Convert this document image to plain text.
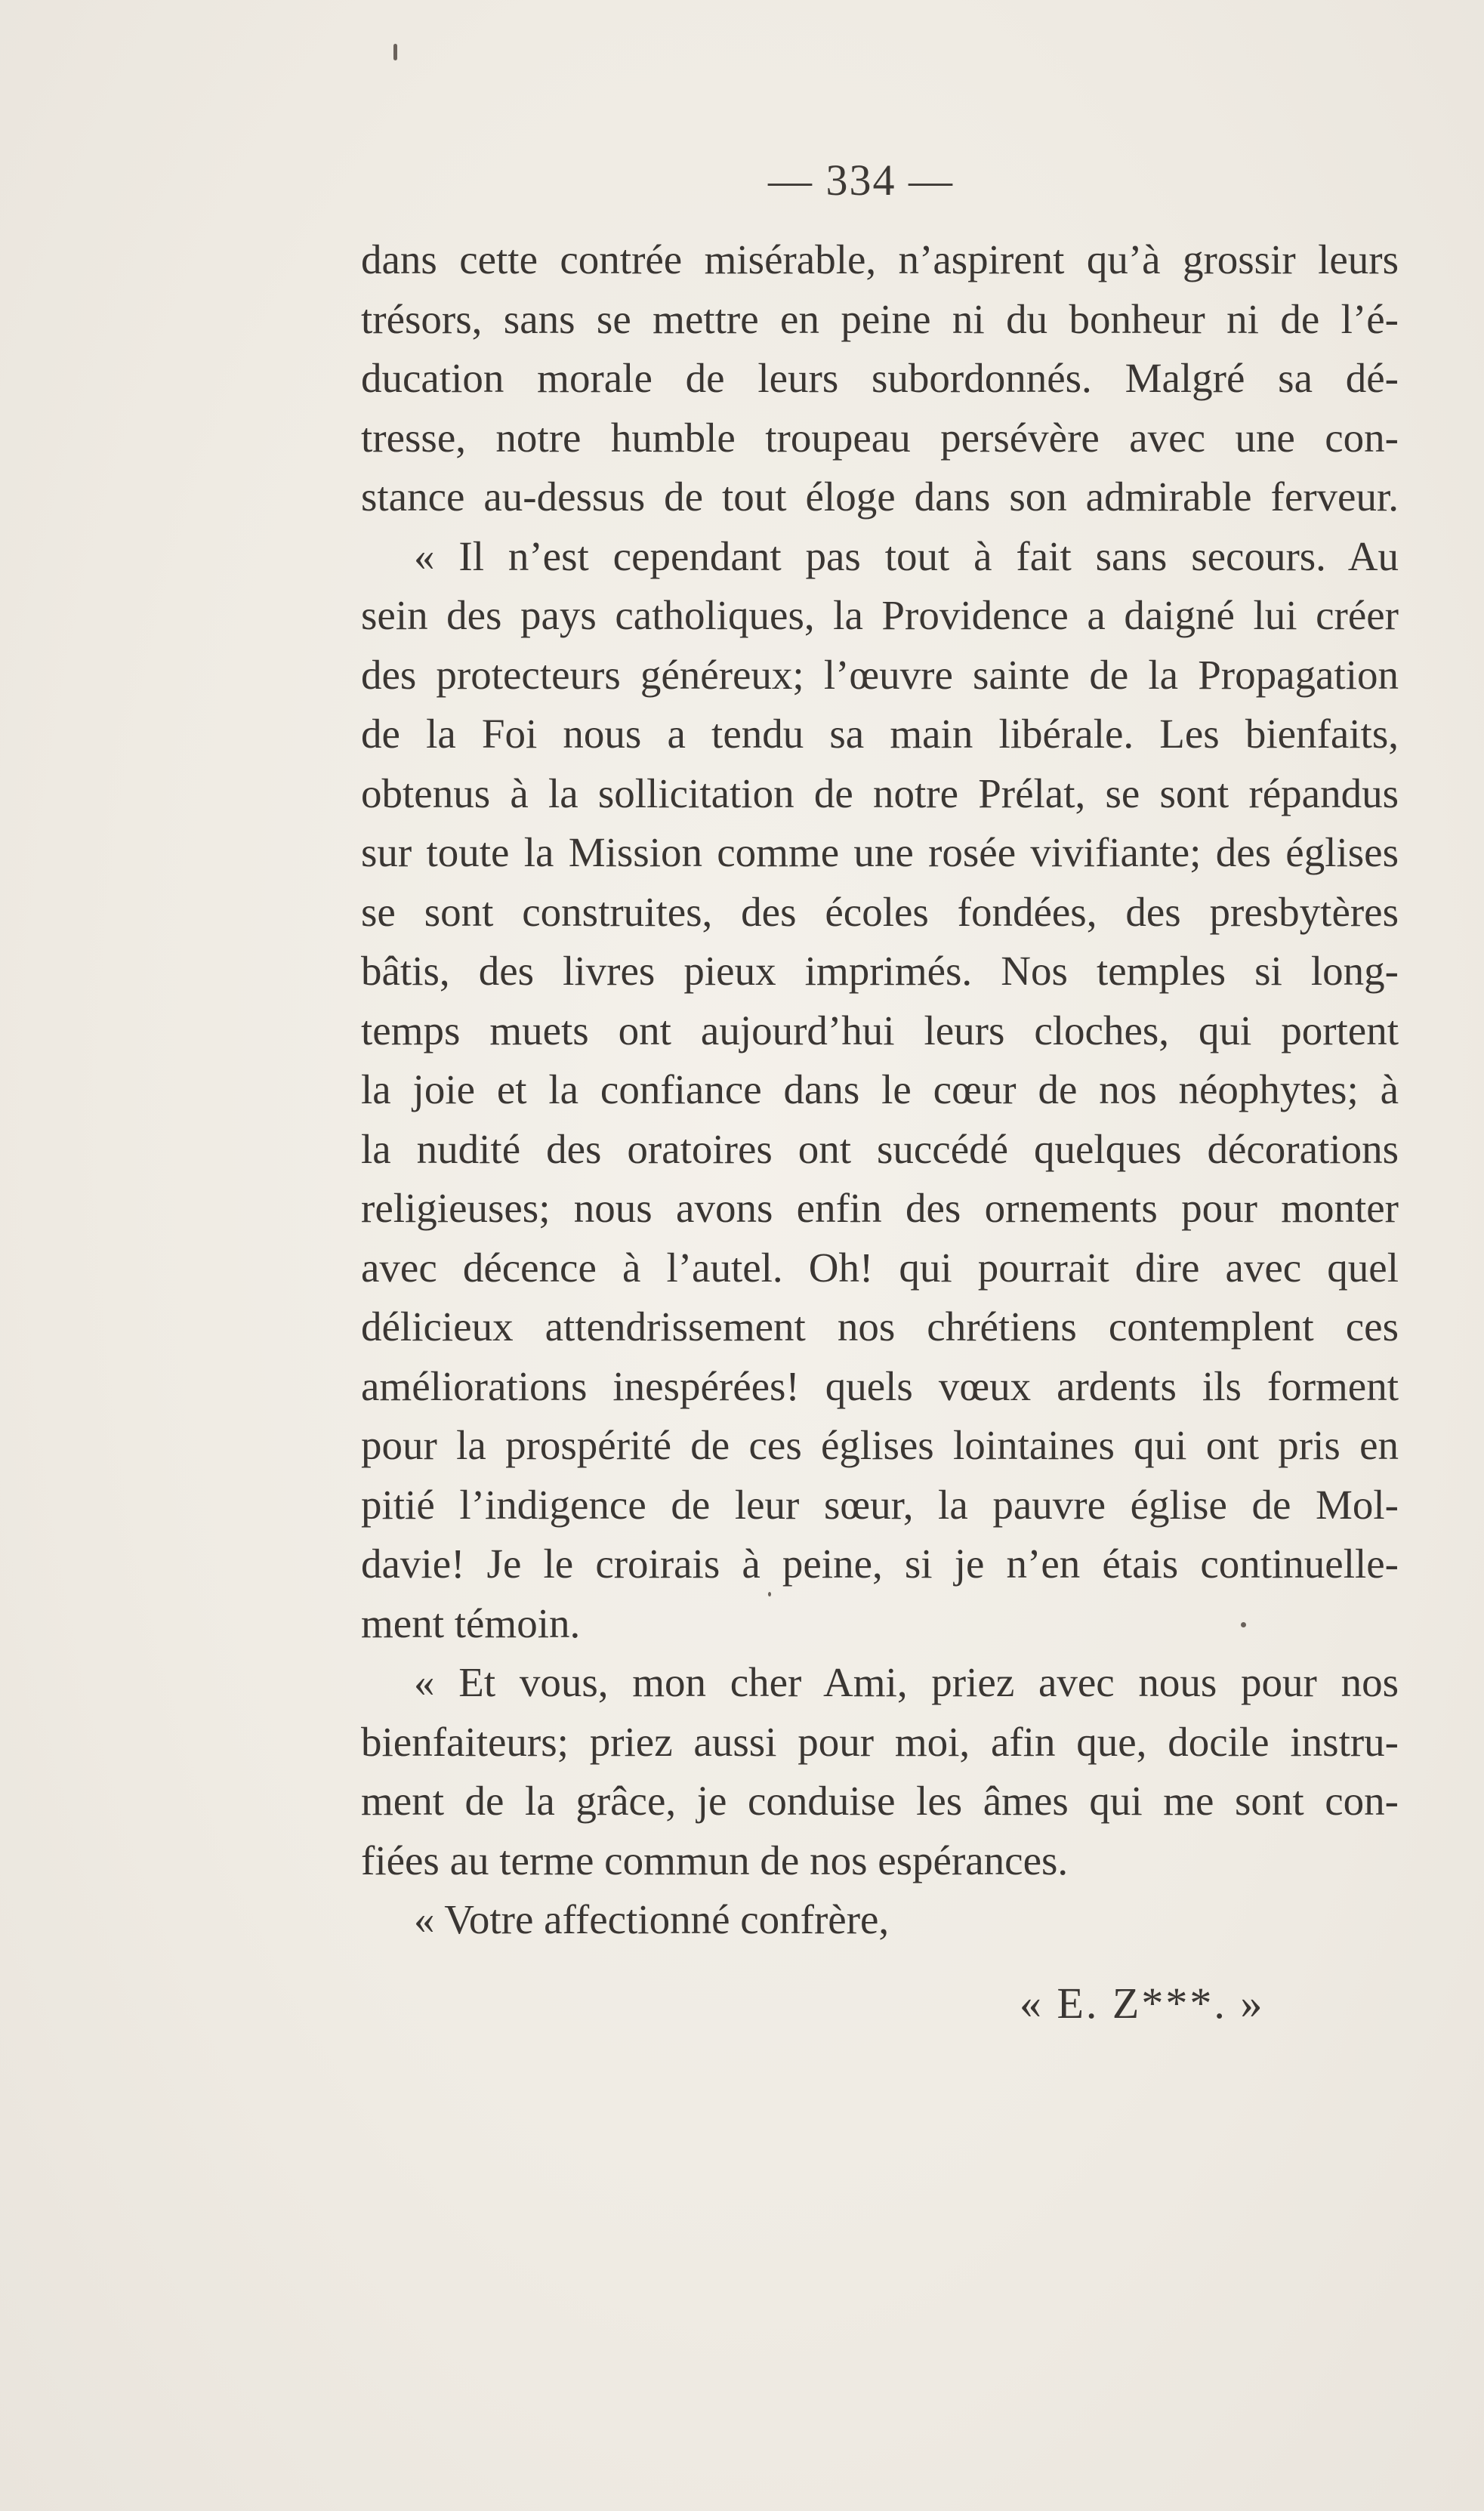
— 334 —
dans cette contrée misérable, n’aspirent qu’à grossir leurs
trésors, sans se mettre en peine ni du bonheur ni de l’é-
ducation morale de leurs subordonnés. Malgré sa dé-
tresse, notre humble troupeau persévère avec une con-
stance au-dessus de tout éloge dans son admirable ferveur.
« Il n’est cependant pas tout à fait sans secours. Au
sein des pays catholiques, la Providence a daigné lui créer
des protecteurs généreux; l’œuvre sainte de la Propagation
de la Foi nous a tendu sa main libérale. Les bienfaits,
obtenus à la sollicitation de notre Prélat, se sont répandus
sur toute la Mission comme une rosée vivifiante; des églises
se sont construites, des écoles fondées, des presbytères
bâtis, des livres pieux imprimés. Nos temples si long-
temps muets ont aujourd’hui leurs cloches, qui portent
la joie et la confiance dans le cœur de nos néophytes; à
la nudité des oratoires ont succédé quelques décorations
religieuses; nous avons enfin des ornements pour monter
avec décence à l’autel. Oh! qui pourrait dire avec quel
délicieux attendrissement nos chrétiens contemplent ces
améliorations inespérées! quels vœux ardents ils forment
pour la prospérité de ces églises lointaines qui ont pris en
pitié l’indigence de leur sœur, la pauvre église de Mol-
davie! Je le croirais à peine, si je n’en étais continuelle-
ment témoin.
« Et vous, mon cher Ami, priez avec nous pour nos
bienfaiteurs; priez aussi pour moi, afin que, docile instru-
ment de la grâce, je conduise les âmes qui me sont con-
fiées au terme commun de nos espérances.
« Votre affectionné confrère,
« E. Z***. »
